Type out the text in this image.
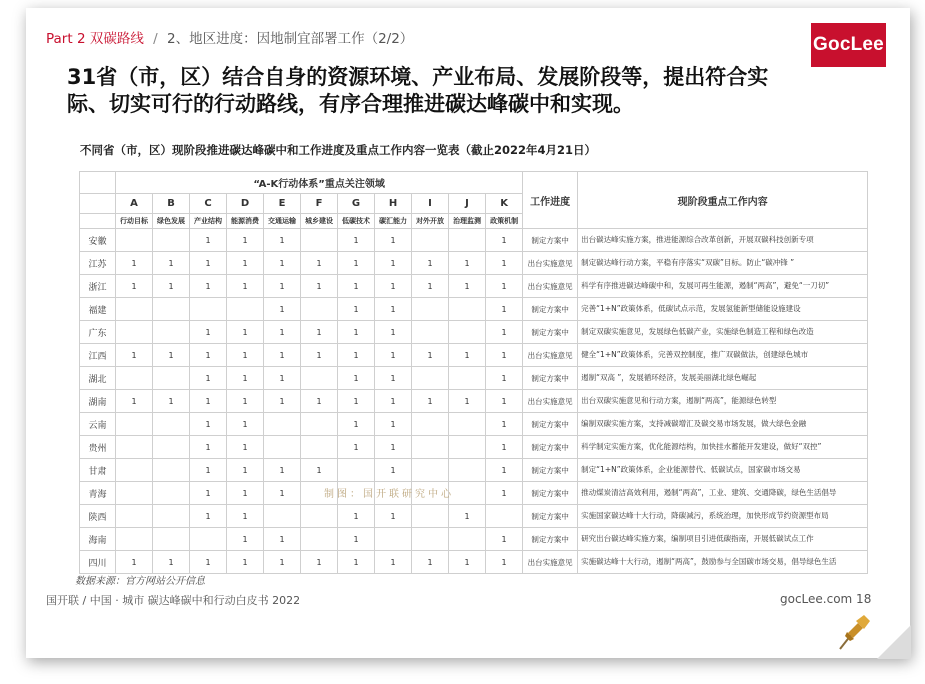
Part 2 双碳路线 / 2、地区进度：因地制宜部署工作（2/2）	GocLee
31省（市，区）结合自身的资源环境、产业布局、发展阶段等，提出符合实际、切实可行的行动路线，有序合理推进碳达峰碳中和实现。
不同省（市，区）现阶段推进碳达峰碳中和工作进度及重点工作内容一览表（截止2022年4月21日）
	“A-K行动体系”重点关注领域											工作进度	现阶段重点工作内容
	A	B	C	D	E	F	G	H	I	J	K		
	行动目标	绿色发展	产业结构	能源消费	交通运输	城乡建设	低碳技术	碳汇能力	对外开放	治理监测	政策机制		
安徽			1	1	1		1	1			1	制定方案中	出台碳达峰实施方案，推进能源综合改革创新，开展双碳科技创新专项
江苏	1	1	1	1	1	1	1	1	1	1	1	出台实施意见	制定碳达峰行动方案，平稳有序落实“双碳”目标。防止“碳冲锋 ”
浙江	1	1	1	1	1	1	1	1	1	1	1	出台实施意见	科学有序推进碳达峰碳中和，发展可再生能源，遏制“两高”，避免“一刀切”
福建					1		1	1			1	制定方案中	完善“1+N”政策体系，低碳试点示范，发展氢能新型储能设施建设
广东			1	1	1	1	1	1			1	制定方案中	制定双碳实施意见，发展绿色低碳产业，实施绿色制造工程和绿色改造
江西	1	1	1	1	1	1	1	1	1	1	1	出台实施意见	健全“1+N”政策体系，完善双控制度，推广双碳做法，创建绿色城市
湖北			1	1	1		1	1			1	制定方案中	遏制“双高 ”，发展循环经济，发展美丽湖北绿色崛起
湖南	1	1	1	1	1	1	1	1	1	1	1	出台实施意见	出台双碳实施意见和行动方案，遏制“两高”，能源绿色转型
云南			1	1			1	1			1	制定方案中	编制双碳实施方案，支持减碳增汇及碳交易市场发展，做大绿色金融
贵州			1	1			1	1			1	制定方案中	科学制定实施方案，优化能源结构，加快挂水蓄能开发建设，做好“双控”
甘肃			1	1	1	1		1			1	制定方案中	制定“1+N”政策体系，企业能源替代、低碳试点，国家碳市场交易
青海			1	1	1						1	制定方案中	推动煤炭清洁高效利用，遏制“两高”，工业、建筑、交通降碳，绿色生活倡导
陕西			1	1			1	1		1		制定方案中	实施国家碳达峰十大行动，降碳减污，系统治理，加快形成节约资源型布局
海南				1	1		1				1	制定方案中	研究出台碳达峰实施方案，编制项目引进低碳指南，开展低碳试点工作
四川	1	1	1	1	1	1	1	1	1	1	1	出台实施意见	实施碳达峰十大行动，遏制“两高”，鼓励参与全国碳市场交易，倡导绿色生活
制图：国开联研究中心
数据来源：官方网站公开信息
国开联 / 中国 · 城市 碳达峰碳中和行动白皮书 2022	gocLee.com 18
